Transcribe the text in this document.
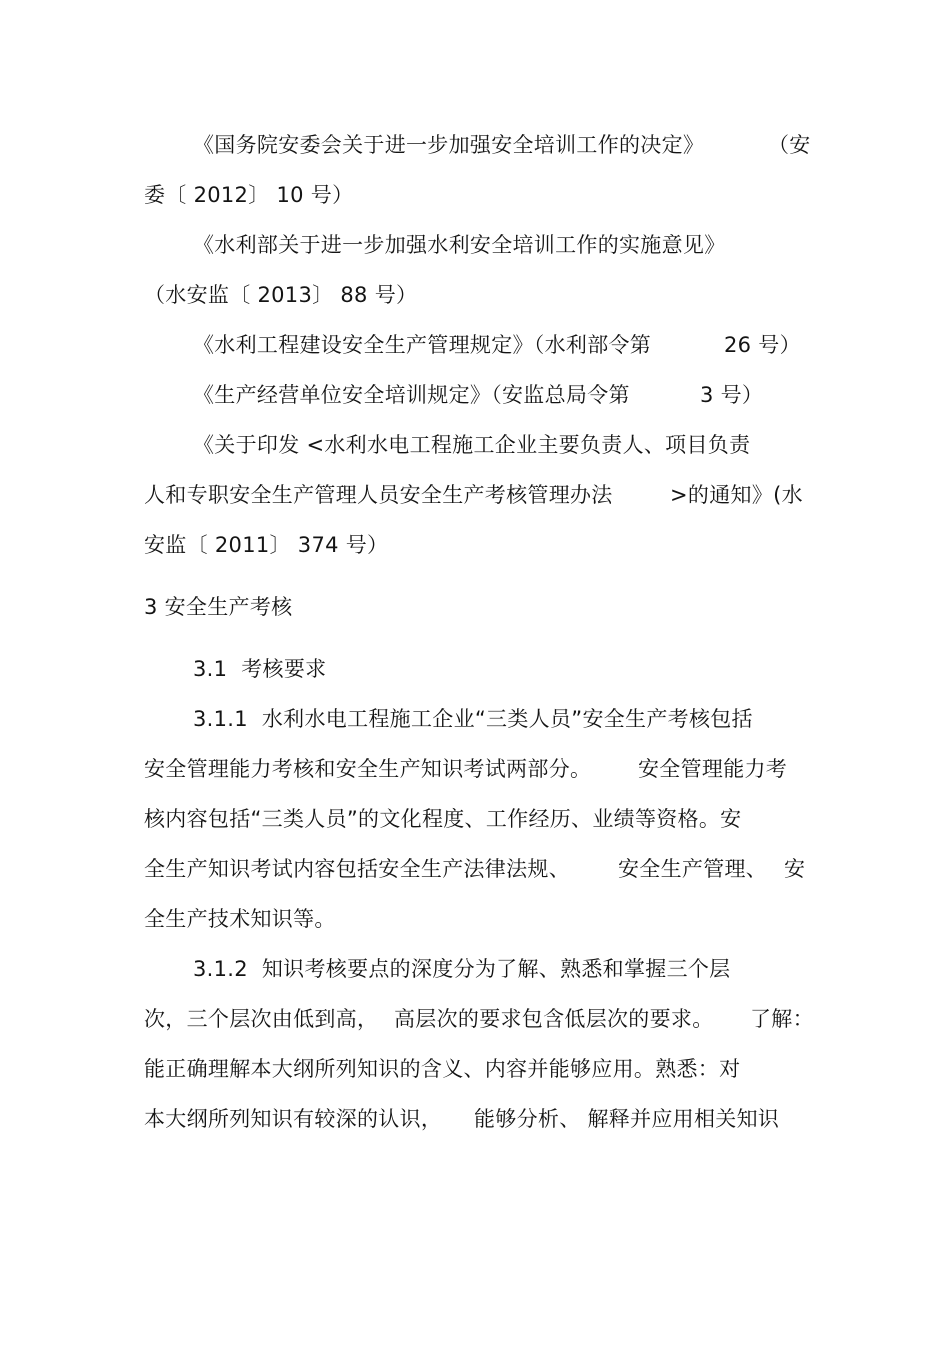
《国务院安委会关于进一步加强安全培训工作的决定》	（安
委〔 2012〕 10 号）
《水利部关于进一步加强水利安全培训工作的实施意见》
（水安监〔 2013〕 88 号）
《水利工程建设安全生产管理规定》（水利部令第	26 号）
《生产经营单位安全培训规定》（安监总局令第	3 号）
《关于印发 <水利水电工程施工企业主要负责人、项目负责
人和专职安全生产管理人员安全生产考核管理办法	>的通知》(水
安监〔 2011〕 374 号）
3 安全生产考核
3.1  考核要求
3.1.1  水利水电工程施工企业“三类人员”安全生产考核包括
安全管理能力考核和安全生产知识考试两部分。 安全管理能力考
核内容包括“三类人员”的文化程度、工作经历、业绩等资格。安
全生产知识考试内容包括安全生产法律法规、 安全生产管理、 安
全生产技术知识等。
3.1.2  知识考核要点的深度分为了解、熟悉和掌握三个层
次，三个层次由低到高， 高层次的要求包含低层次的要求。 了解：
能正确理解本大纲所列知识的含义、内容并能够应用。熟悉：对
本大纲所列知识有较深的认识， 能够分析、 解释并应用相关知识
